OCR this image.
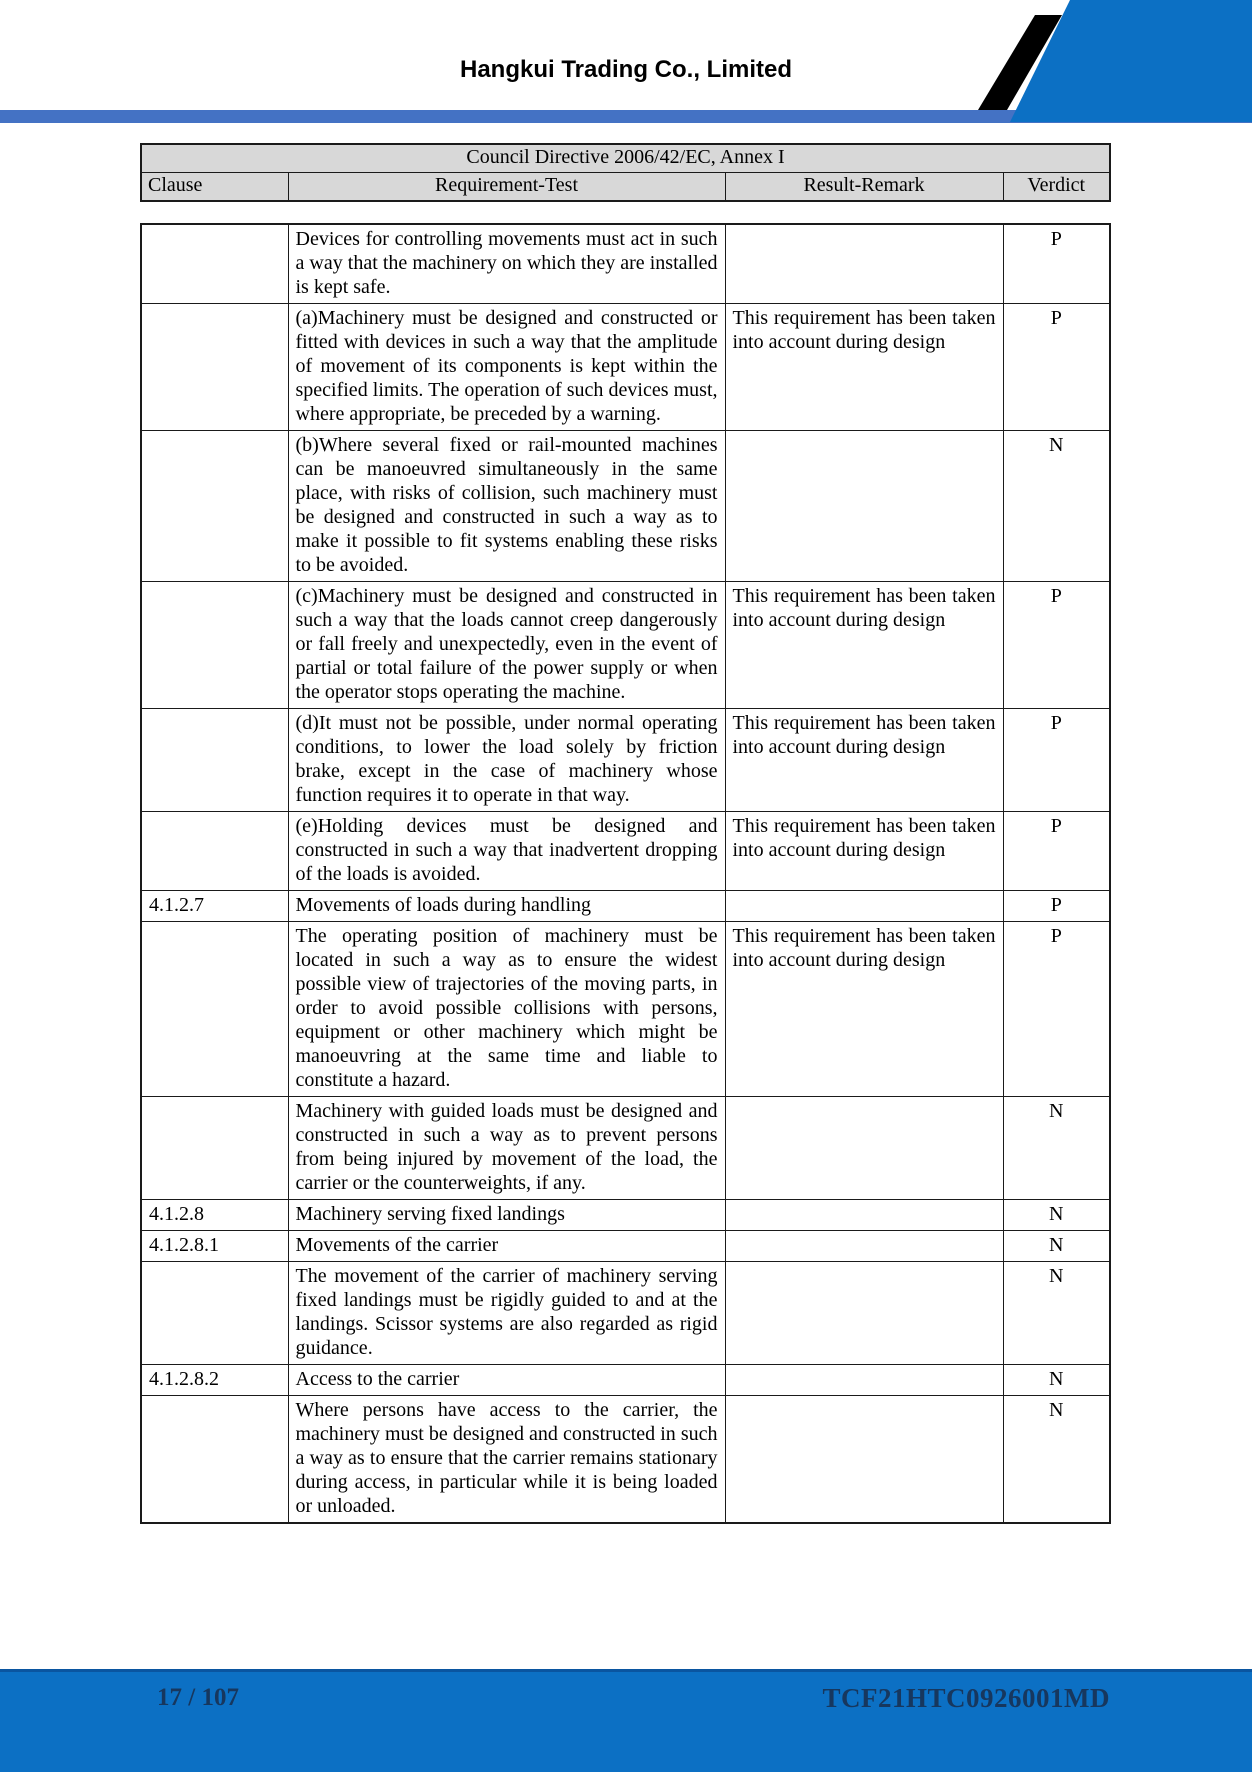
Hangkui Trading Co., Limited
Council Directive 2006/42/EC, Annex I
Clause	Requirement-Test	Result-Remark	Verdict
	Devices for controlling movements must act in such a way that the machinery on which they are installed is kept safe.		P
	(a)Machinery must be designed and constructed or fitted with devices in such a way that the amplitude of movement of its components is kept within the specified limits. The operation of such devices must, where appropriate, be preceded by a warning.	This requirement has been taken into account during design	P
	(b)Where several fixed or rail-mounted machines can be manoeuvred simultaneously in the same place, with risks of collision, such machinery must be designed and constructed in such a way as to make it possible to fit systems enabling these risks to be avoided.		N
	(c)Machinery must be designed and constructed in such a way that the loads cannot creep dangerously or fall freely and unexpectedly, even in the event of partial or total failure of the power supply or when the operator stops operating the machine.	This requirement has been taken into account during design	P
	(d)It must not be possible, under normal operating conditions, to lower the load solely by friction brake, except in the case of machinery whose function requires it to operate in that way.	This requirement has been taken into account during design	P
	(e)Holding devices must be designed and constructed in such a way that inadvertent dropping of the loads is avoided.	This requirement has been taken into account during design	P
4.1.2.7	Movements of loads during handling		P
	The operating position of machinery must be located in such a way as to ensure the widest possible view of trajectories of the moving parts, in order to avoid possible collisions with persons, equipment or other machinery which might be manoeuvring at the same time and liable to constitute a hazard.	This requirement has been taken into account during design	P
	Machinery with guided loads must be designed and constructed in such a way as to prevent persons from being injured by movement of the load, the carrier or the counterweights, if any.		N
4.1.2.8	Machinery serving fixed landings		N
4.1.2.8.1	Movements of the carrier		N
	The movement of the carrier of machinery serving fixed landings must be rigidly guided to and at the landings. Scissor systems are also regarded as rigid guidance.		N
4.1.2.8.2	Access to the carrier		N
	Where persons have access to the carrier, the machinery must be designed and constructed in such a way as to ensure that the carrier remains stationary during access, in particular while it is being loaded or unloaded.		N
17 / 107	TCF21HTC0926001MD
